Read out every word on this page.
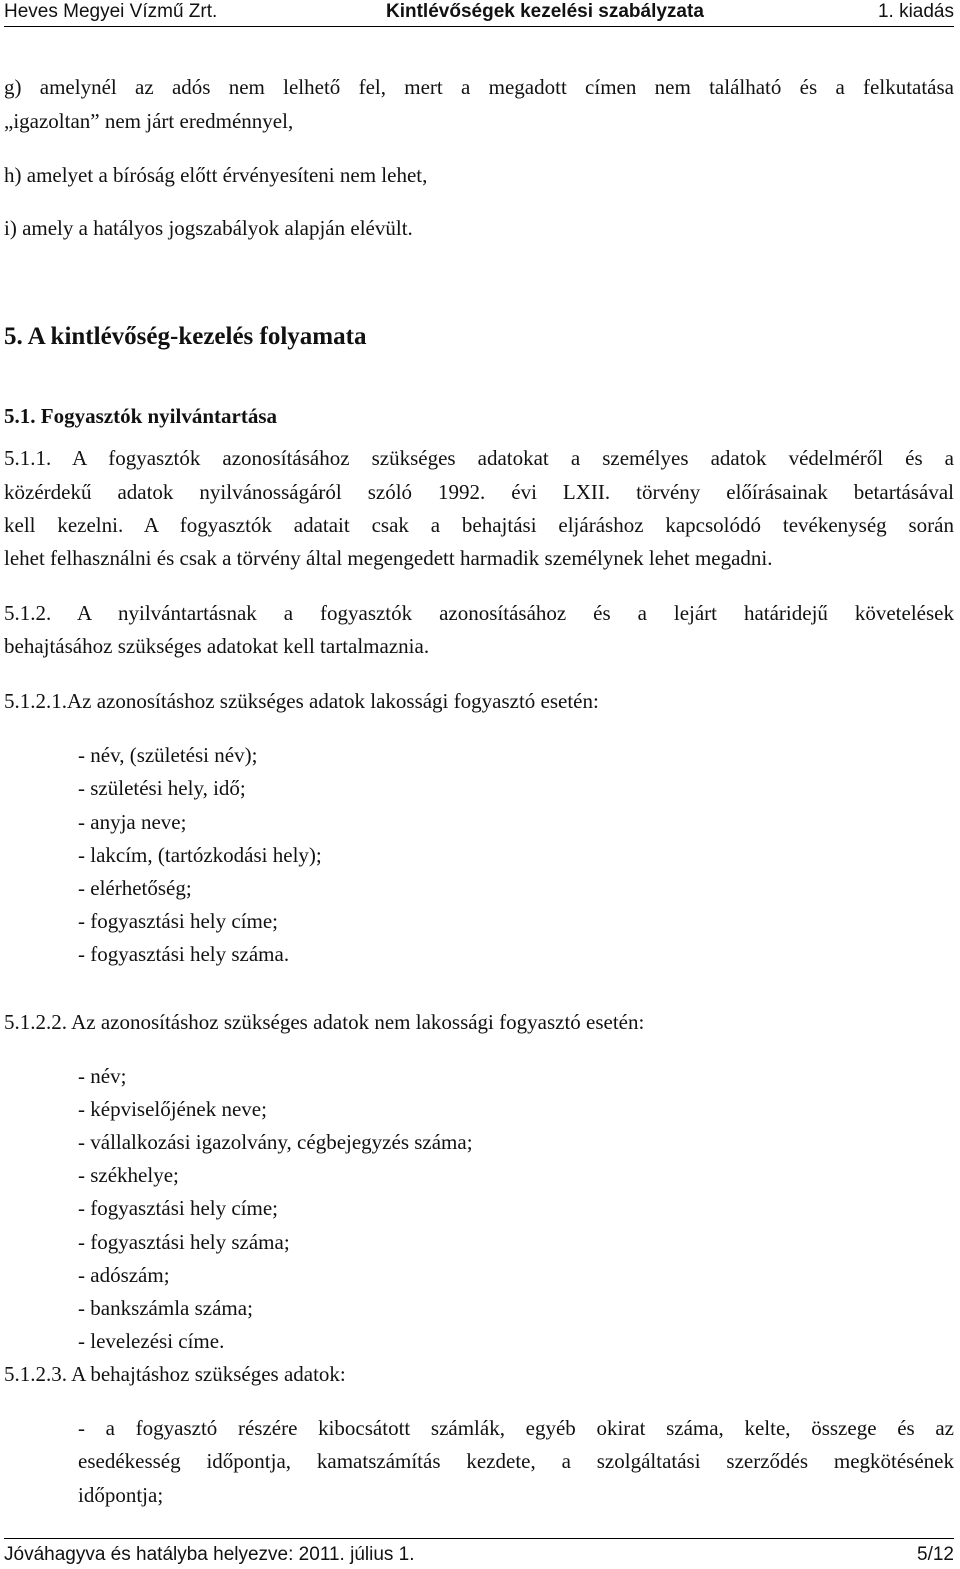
Heves Megyei Vízmű Zrt.	Kintlévőségek kezelési szabályzata	1. kiadás
g) amelynél az adós nem lelhető fel, mert a megadott címen nem található és a felkutatása
„igazoltan” nem járt eredménnyel,
h) amelyet a bíróság előtt érvényesíteni nem lehet,
i) amely a hatályos jogszabályok alapján elévült.
5. A kintlévőség-kezelés folyamata
5.1. Fogyasztók nyilvántartása
5.1.1. A fogyasztók azonosításához szükséges adatokat a személyes adatok védelméről és a
közérdekű adatok nyilvánosságáról szóló 1992. évi LXII. törvény előírásainak betartásával
kell kezelni. A fogyasztók adatait csak a behajtási eljáráshoz kapcsolódó tevékenység során
lehet felhasználni és csak a törvény által megengedett harmadik személynek lehet megadni.
5.1.2. A nyilvántartásnak a fogyasztók azonosításához és a lejárt határidejű követelések
behajtásához szükséges adatokat kell tartalmaznia.
5.1.2.1.Az azonosításhoz szükséges adatok lakossági fogyasztó esetén:
- név, (születési név);
- születési hely, idő;
- anyja neve;
- lakcím, (tartózkodási hely);
- elérhetőség;
- fogyasztási hely címe;
- fogyasztási hely száma.
5.1.2.2. Az azonosításhoz szükséges adatok nem lakossági fogyasztó esetén:
- név;
- képviselőjének neve;
- vállalkozási igazolvány, cégbejegyzés száma;
- székhelye;
- fogyasztási hely címe;
- fogyasztási hely száma;
- adószám;
- bankszámla száma;
- levelezési címe.
5.1.2.3. A behajtáshoz szükséges adatok:
- a fogyasztó részére kibocsátott számlák, egyéb okirat száma, kelte, összege és az
esedékesség időpontja, kamatszámítás kezdete, a szolgáltatási szerződés megkötésének
időpontja;
Jóváhagyva és hatályba helyezve: 2011. július 1.	5/12
